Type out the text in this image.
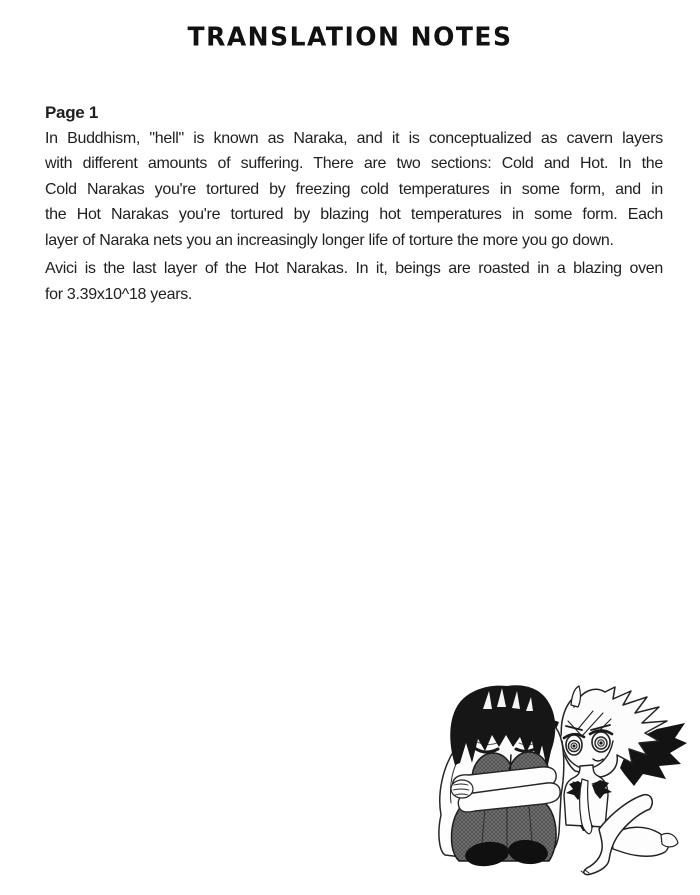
TRANSLATION NOTES
Page 1
In Buddhism, "hell" is known as Naraka, and it is conceptualized as cavern layers
with different amounts of suffering. There are two sections: Cold and Hot. In the
Cold Narakas you're tortured by freezing cold temperatures in some form, and in
the Hot Narakas you're tortured by blazing hot temperatures in some form. Each
layer of Naraka nets you an increasingly longer life of torture the more you go down.
Avici is the last layer of the Hot Narakas. In it, beings are roasted in a blazing oven
for 3.39x10^18 years.
